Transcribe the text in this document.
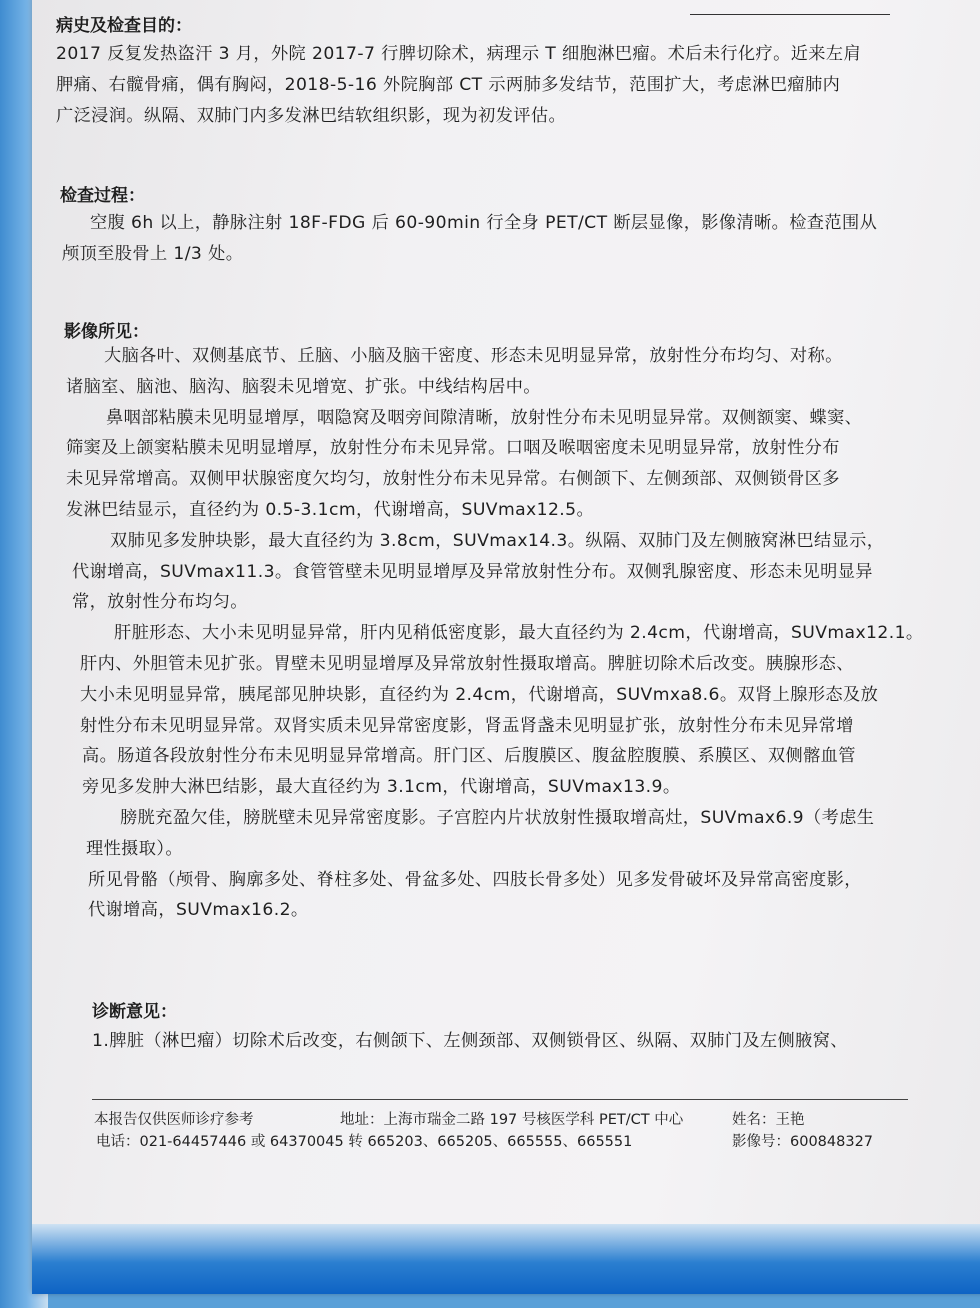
病史及检查目的：
2017 反复发热盗汗 3 月，外院 2017-7 行脾切除术，病理示 T 细胞淋巴瘤。术后未行化疗。近来左肩
胛痛、右髋骨痛，偶有胸闷，2018-5-16 外院胸部 CT 示两肺多发结节，范围扩大，考虑淋巴瘤肺内
广泛浸润。纵隔、双肺门内多发淋巴结软组织影，现为初发评估。
检查过程：
空腹 6h 以上，静脉注射 18F-FDG 后 60-90min 行全身 PET/CT 断层显像，影像清晰。检查范围从
颅顶至股骨上 1/3 处。
影像所见：
大脑各叶、双侧基底节、丘脑、小脑及脑干密度、形态未见明显异常，放射性分布均匀、对称。
诸脑室、脑池、脑沟、脑裂未见增宽、扩张。中线结构居中。
鼻咽部粘膜未见明显增厚，咽隐窝及咽旁间隙清晰，放射性分布未见明显异常。双侧额窦、蝶窦、
筛窦及上颌窦粘膜未见明显增厚，放射性分布未见异常。口咽及喉咽密度未见明显异常，放射性分布
未见异常增高。双侧甲状腺密度欠均匀，放射性分布未见异常。右侧颌下、左侧颈部、双侧锁骨区多
发淋巴结显示，直径约为 0.5-3.1cm，代谢增高，SUVmax12.5。
双肺见多发肿块影，最大直径约为 3.8cm，SUVmax14.3。纵隔、双肺门及左侧腋窝淋巴结显示，
代谢增高，SUVmax11.3。食管管壁未见明显增厚及异常放射性分布。双侧乳腺密度、形态未见明显异
常，放射性分布均匀。
肝脏形态、大小未见明显异常，肝内见稍低密度影，最大直径约为 2.4cm，代谢增高，SUVmax12.1。
肝内、外胆管未见扩张。胃壁未见明显增厚及异常放射性摄取增高。脾脏切除术后改变。胰腺形态、
大小未见明显异常，胰尾部见肿块影，直径约为 2.4cm，代谢增高，SUVmxa8.6。双肾上腺形态及放
射性分布未见明显异常。双肾实质未见异常密度影，肾盂肾盏未见明显扩张，放射性分布未见异常增
高。肠道各段放射性分布未见明显异常增高。肝门区、后腹膜区、腹盆腔腹膜、系膜区、双侧髂血管
旁见多发肿大淋巴结影，最大直径约为 3.1cm，代谢增高，SUVmax13.9。
膀胱充盈欠佳，膀胱壁未见异常密度影。子宫腔内片状放射性摄取增高灶，SUVmax6.9（考虑生
理性摄取）。
所见骨骼（颅骨、胸廓多处、脊柱多处、骨盆多处、四肢长骨多处）见多发骨破坏及异常高密度影，
代谢增高，SUVmax16.2。
诊断意见：
1.脾脏（淋巴瘤）切除术后改变，右侧颌下、左侧颈部、双侧锁骨区、纵隔、双肺门及左侧腋窝、
本报告仅供医师诊疗参考	地址：上海市瑞金二路 197 号核医学科 PET/CT 中心	姓名：王艳
电话：021-64457446 或 64370045 转 665203、665205、665555、665551	影像号：600848327
